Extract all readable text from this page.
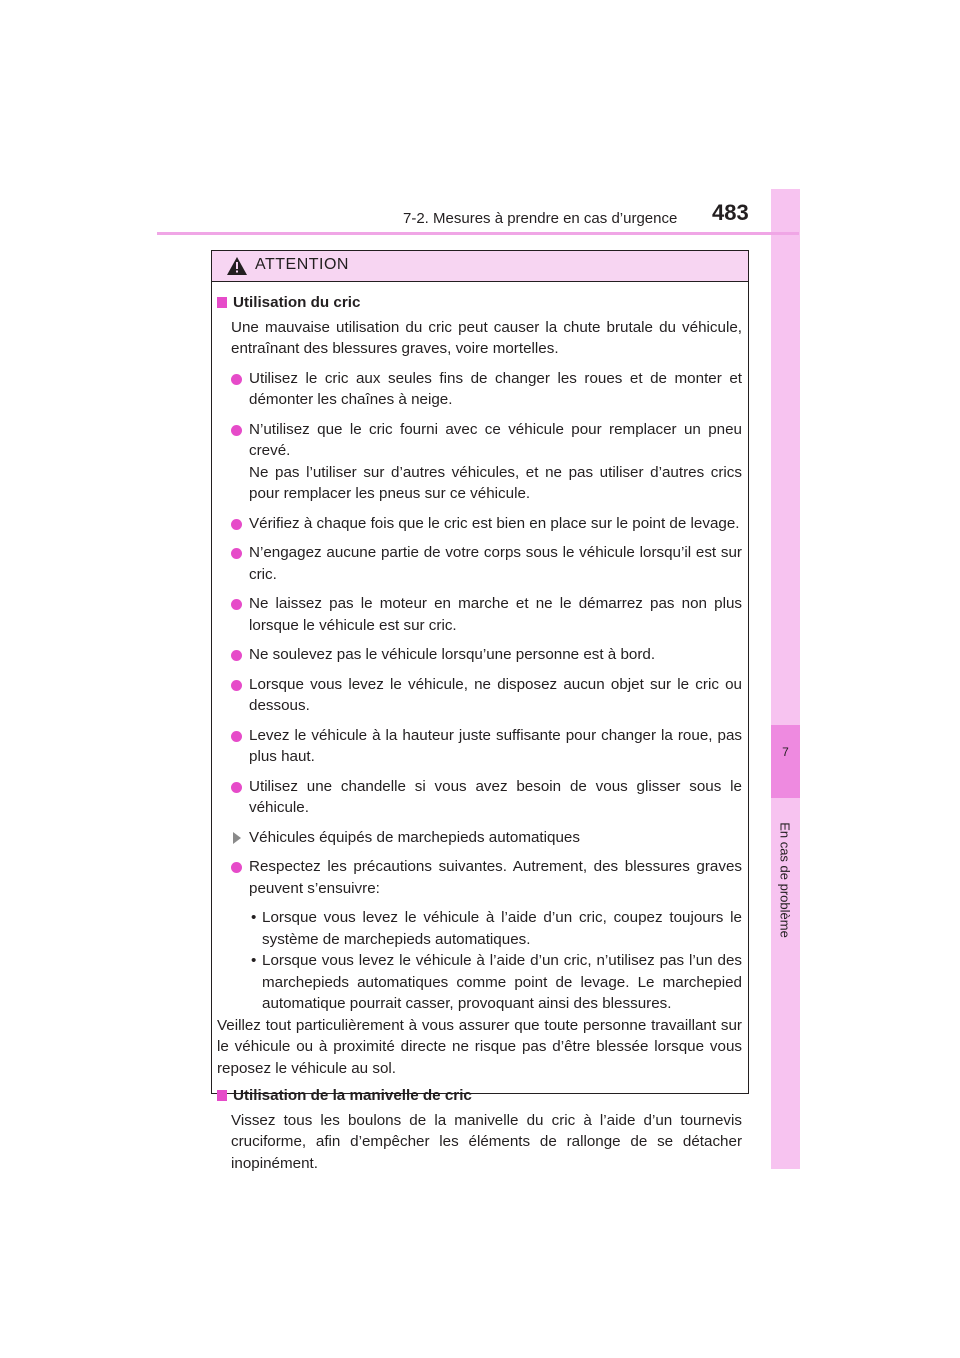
7
En cas de problème
7-2. Mesures à prendre en cas d’urgence 483
ATTENTION
Utilisation du cric
Une mauvaise utilisation du cric peut causer la chute brutale du véhicule, entraînant des blessures graves, voire mortelles.
Utilisez le cric aux seules fins de changer les roues et de monter et démonter les chaînes à neige.
N’utilisez que le cric fourni avec ce véhicule pour remplacer un pneu crevé.
Ne pas l’utiliser sur d’autres véhicules, et ne pas utiliser d’autres crics pour remplacer les pneus sur ce véhicule.
Vérifiez à chaque fois que le cric est bien en place sur le point de levage.
N’engagez aucune partie de votre corps sous le véhicule lorsqu’il est sur cric.
Ne laissez pas le moteur en marche et ne le démarrez pas non plus lorsque le véhicule est sur cric.
Ne soulevez pas le véhicule lorsqu’une personne est à bord.
Lorsque vous levez le véhicule, ne disposez aucun objet sur le cric ou dessous.
Levez le véhicule à la hauteur juste suffisante pour changer la roue, pas plus haut.
Utilisez une chandelle si vous avez besoin de vous glisser sous le véhicule.
Véhicules équipés de marchepieds automatiques
Respectez les précautions suivantes. Autrement, des blessures graves peuvent s’ensuivre:
• Lorsque vous levez le véhicule à l’aide d’un cric, coupez toujours le système de marchepieds automatiques.
• Lorsque vous levez le véhicule à l’aide d’un cric, n’utilisez pas l’un des marchepieds automatiques comme point de levage. Le marchepied automatique pourrait casser, provoquant ainsi des blessures.
Veillez tout particulièrement à vous assurer que toute personne travaillant sur le véhicule ou à proximité directe ne risque pas d’être blessée lorsque vous reposez le véhicule au sol.
Utilisation de la manivelle de cric
Vissez tous les boulons de la manivelle du cric à l’aide d’un tournevis cruciforme, afin d’empêcher les éléments de rallonge de se détacher inopinément.
